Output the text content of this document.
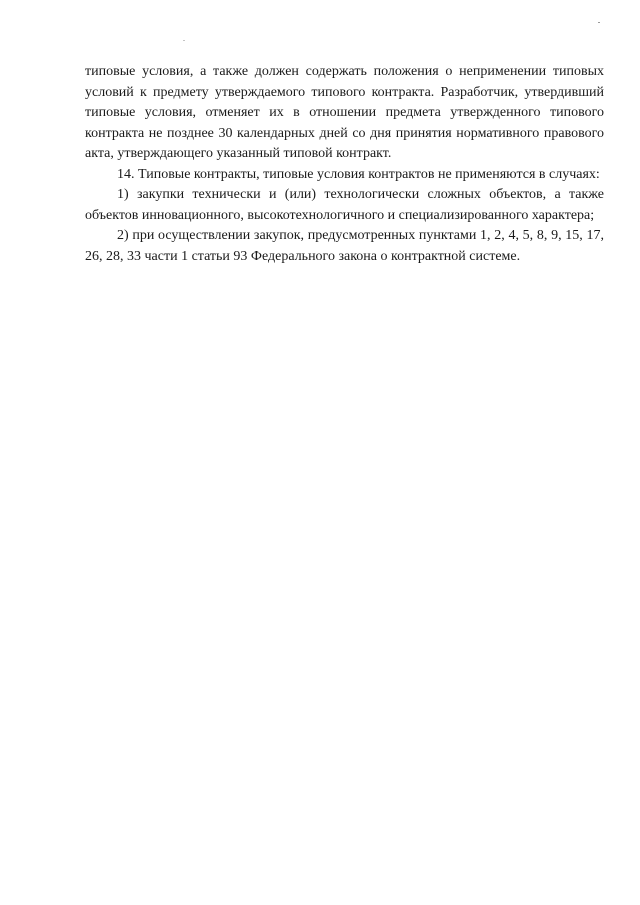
типовые условия, а также должен содержать положения о неприменении типовых условий к предмету утверждаемого типового контракта. Разработчик, утвердивший типовые условия, отменяет их в отношении предмета утвержденного типового контракта не позднее 30 календарных дней со дня принятия нормативного правового акта, утверждающего указанный типовой контракт.

14. Типовые контракты, типовые условия контрактов не применяются в случаях:

1) закупки технически и (или) технологически сложных объектов, а также объектов инновационного, высокотехнологичного и специализированного характера;

2) при осуществлении закупок, предусмотренных пунктами 1, 2, 4, 5, 8, 9, 15, 17, 26, 28, 33 части 1 статьи 93 Федерального закона о контрактной системе.
